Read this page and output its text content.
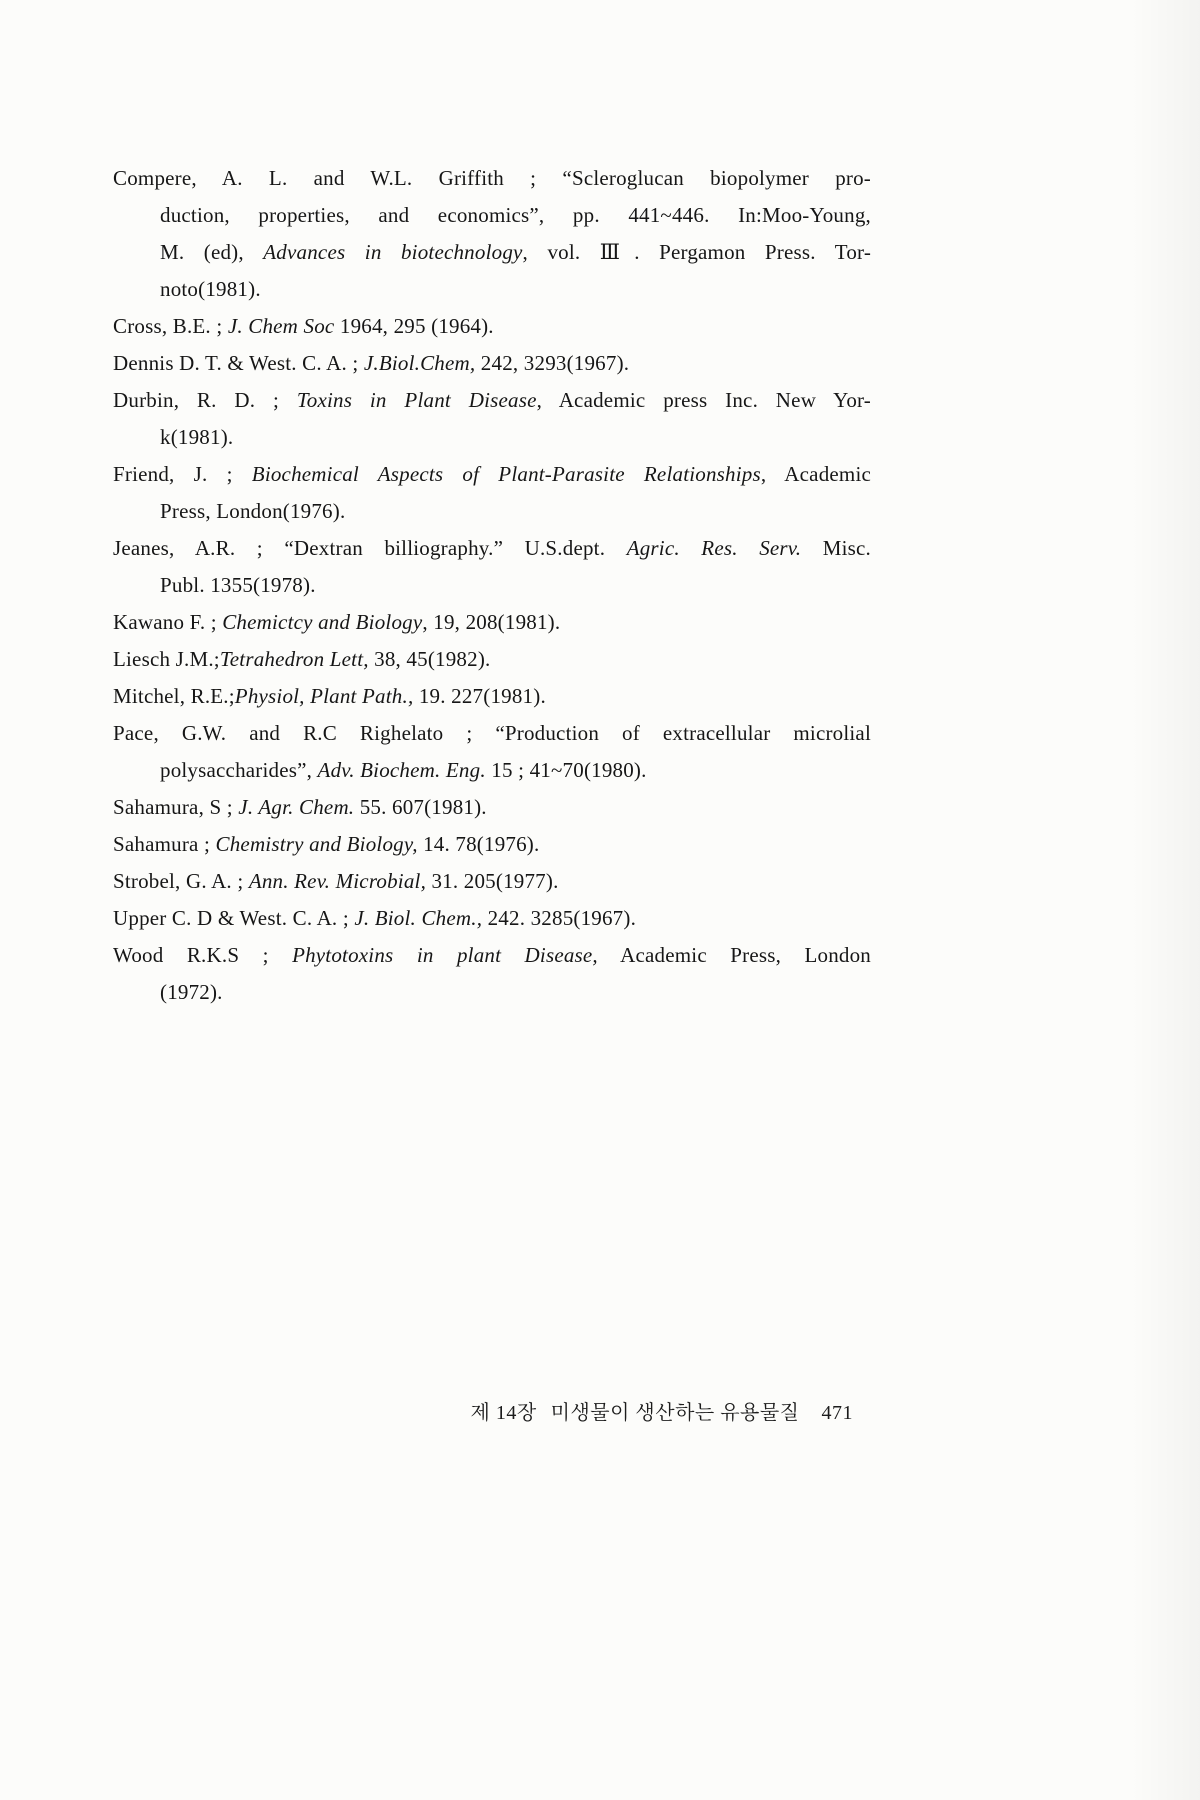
Compere, A. L. and W.L. Griffith ; “Scleroglucan biopolymer pro-
duction, properties, and economics”, pp. 441~446. In:Moo-Young,
M. (ed), Advances in biotechnology, vol. Ⅲ. Pergamon Press. Tor-
noto(1981).
Cross, B.E. ; J. Chem Soc 1964, 295 (1964).
Dennis D. T. & West. C. A. ; J.Biol.Chem, 242, 3293(1967).
Durbin, R. D. ; Toxins in Plant Disease, Academic press Inc. New Yor-
k(1981).
Friend, J. ; Biochemical Aspects of Plant-Parasite Relationships, Academic
Press, London(1976).
Jeanes, A.R. ; “Dextran billiography.” U.S.dept. Agric. Res. Serv. Misc.
Publ. 1355(1978).
Kawano F. ; Chemictcy and Biology, 19, 208(1981).
Liesch J.M.;Tetrahedron Lett, 38, 45(1982).
Mitchel, R.E.;Physiol, Plant Path., 19. 227(1981).
Pace, G.W. and R.C Righelato ; “Production of extracellular microlial
polysaccharides”, Adv. Biochem. Eng. 15 ; 41~70(1980).
Sahamura, S ; J. Agr. Chem. 55. 607(1981).
Sahamura ; Chemistry and Biology, 14. 78(1976).
Strobel, G. A. ; Ann. Rev. Microbial, 31. 205(1977).
Upper C. D & West. C. A. ; J. Biol. Chem., 242. 3285(1967).
Wood R.K.S ; Phytotoxins in plant Disease, Academic Press, London
(1972).
제 14장 미생물이 생산하는 유용물질 471
